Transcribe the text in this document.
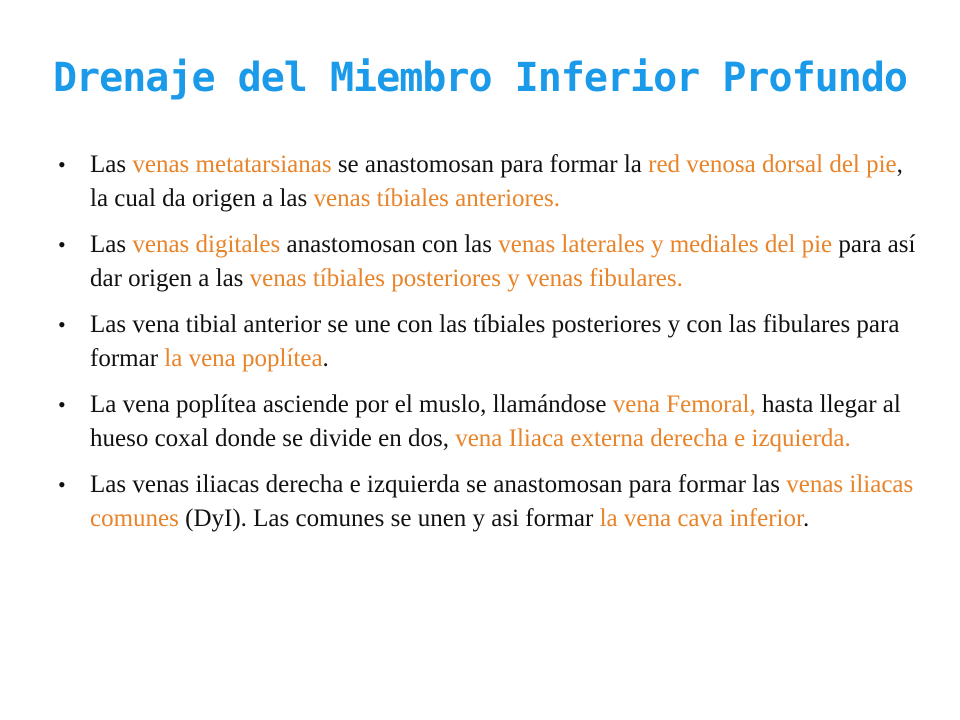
Drenaje del Miembro Inferior Profundo
• Las venas metatarsianas se anastomosan para formar la red venosa dorsal del pie, la cual da origen a las venas tíbiales anteriores.
• Las venas digitales anastomosan con las venas laterales y mediales del pie para así dar origen a las venas tíbiales posteriores y venas fibulares.
• Las vena tibial anterior se une con las tíbiales posteriores y con las fibulares para formar la vena poplítea.
• La vena poplítea asciende por el muslo, llamándose vena Femoral, hasta llegar al hueso coxal donde se divide en dos, vena Iliaca externa derecha e izquierda.
• Las venas iliacas derecha e izquierda se anastomosan para formar las venas iliacas comunes (DyI). Las comunes se unen y asi formar la vena cava inferior.
